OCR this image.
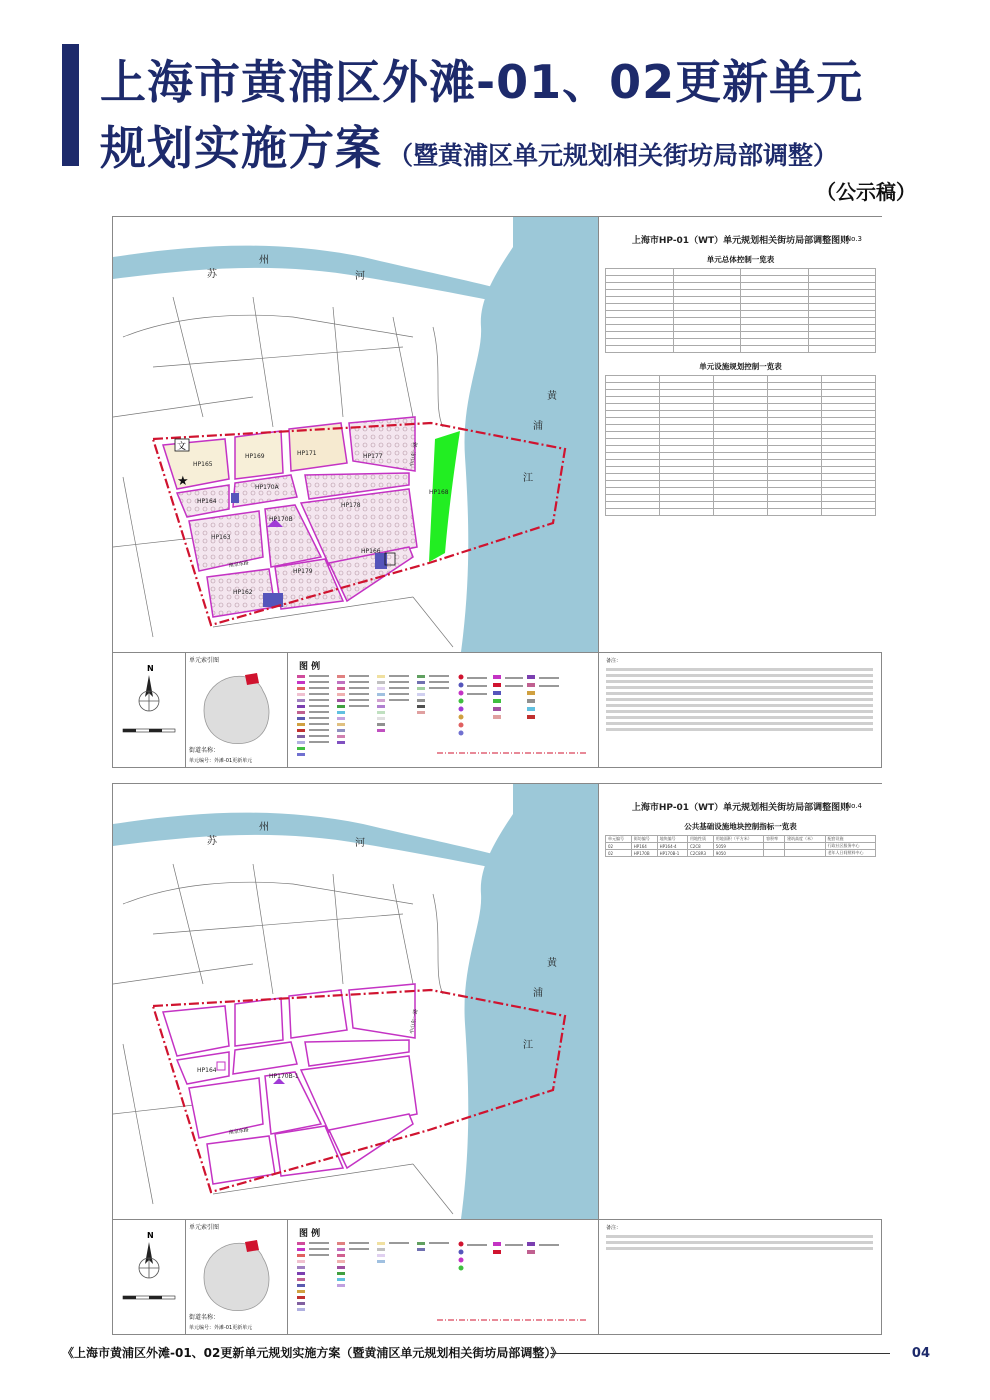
上海市黄浦区外滩-01、02更新单元
规划实施方案 （暨黄浦区单元规划相关街坊局部调整）
（公示稿）
苏
州
河
黄
浦
江
文
★
HP165
HP169	HP171	HP177
HP164
HP170A
HP168
HP178
HP170B
HP163
HP166
HP179
HP162
南京东路
中山东一路
上海市HP-01（WT）单元规划相关街坊局部调整图则
No.3
单元总体控制一览表

单元设施规划控制一览表

N
单元索引图
街道名称：
单元编号：外滩-01更新单元
图 例
备注：
苏
州
河
黄
浦
江
HP164
HP170B-1
南京东路
中山东一路
上海市HP-01（WT）单元规划相关街坊局部调整图则
No.4
公共基础设施地块控制指标一览表
单元编号	街坊编号	地块编号	用地性质	用地面积（平方米）	容积率	建筑高度（米）	配套设施
02	HP164	HP164-4	C2C8	5059			行政社区服务中心
02	HP170B	HP170B-1	C2C8R3	9050			老年人日间照料中心
N
单元索引图
街道名称：
单元编号：外滩-01更新单元
图 例
备注：
《上海市黄浦区外滩-01、02更新单元规划实施方案（暨黄浦区单元规划相关街坊局部调整）》	04
